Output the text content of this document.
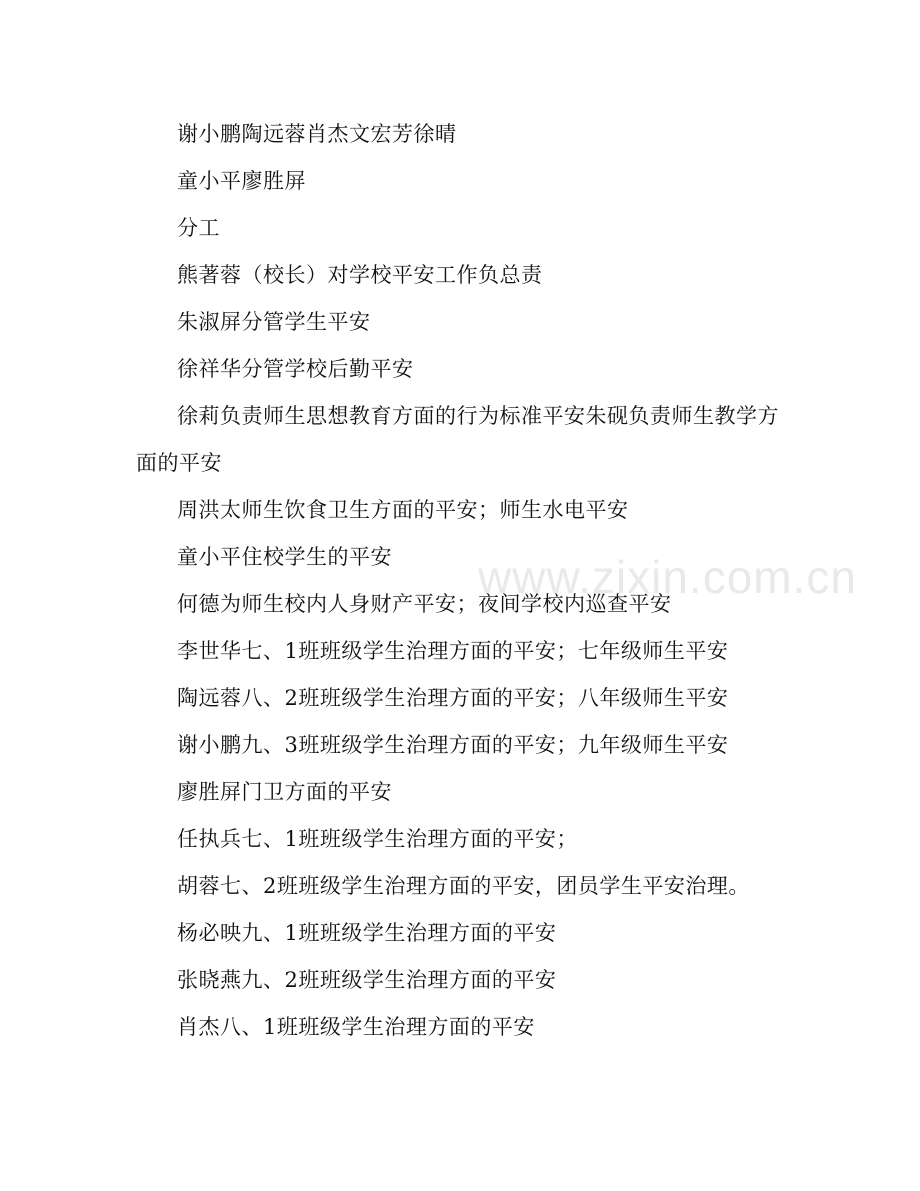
谢小鹏陶远蓉肖杰文宏芳徐晴
童小平廖胜屏
分工
熊著蓉（校长）对学校平安工作负总责
朱淑屏分管学生平安
徐祥华分管学校后勤平安
徐莉负责师生思想教育方面的行为标准平安朱砚负责师生教学方
面的平安
周洪太师生饮食卫生方面的平安；师生水电平安
童小平住校学生的平安
何德为师生校内人身财产平安；夜间学校内巡查平安
李世华七、1班班级学生治理方面的平安；七年级师生平安
陶远蓉八、2班班级学生治理方面的平安；八年级师生平安
谢小鹏九、3班班级学生治理方面的平安；九年级师生平安
廖胜屏门卫方面的平安
任执兵七、1班班级学生治理方面的平安；
胡蓉七、2班班级学生治理方面的平安，团员学生平安治理。
杨必映九、1班班级学生治理方面的平安
张晓燕九、2班班级学生治理方面的平安
肖杰八、1班班级学生治理方面的平安
www.zixin.com.cn
